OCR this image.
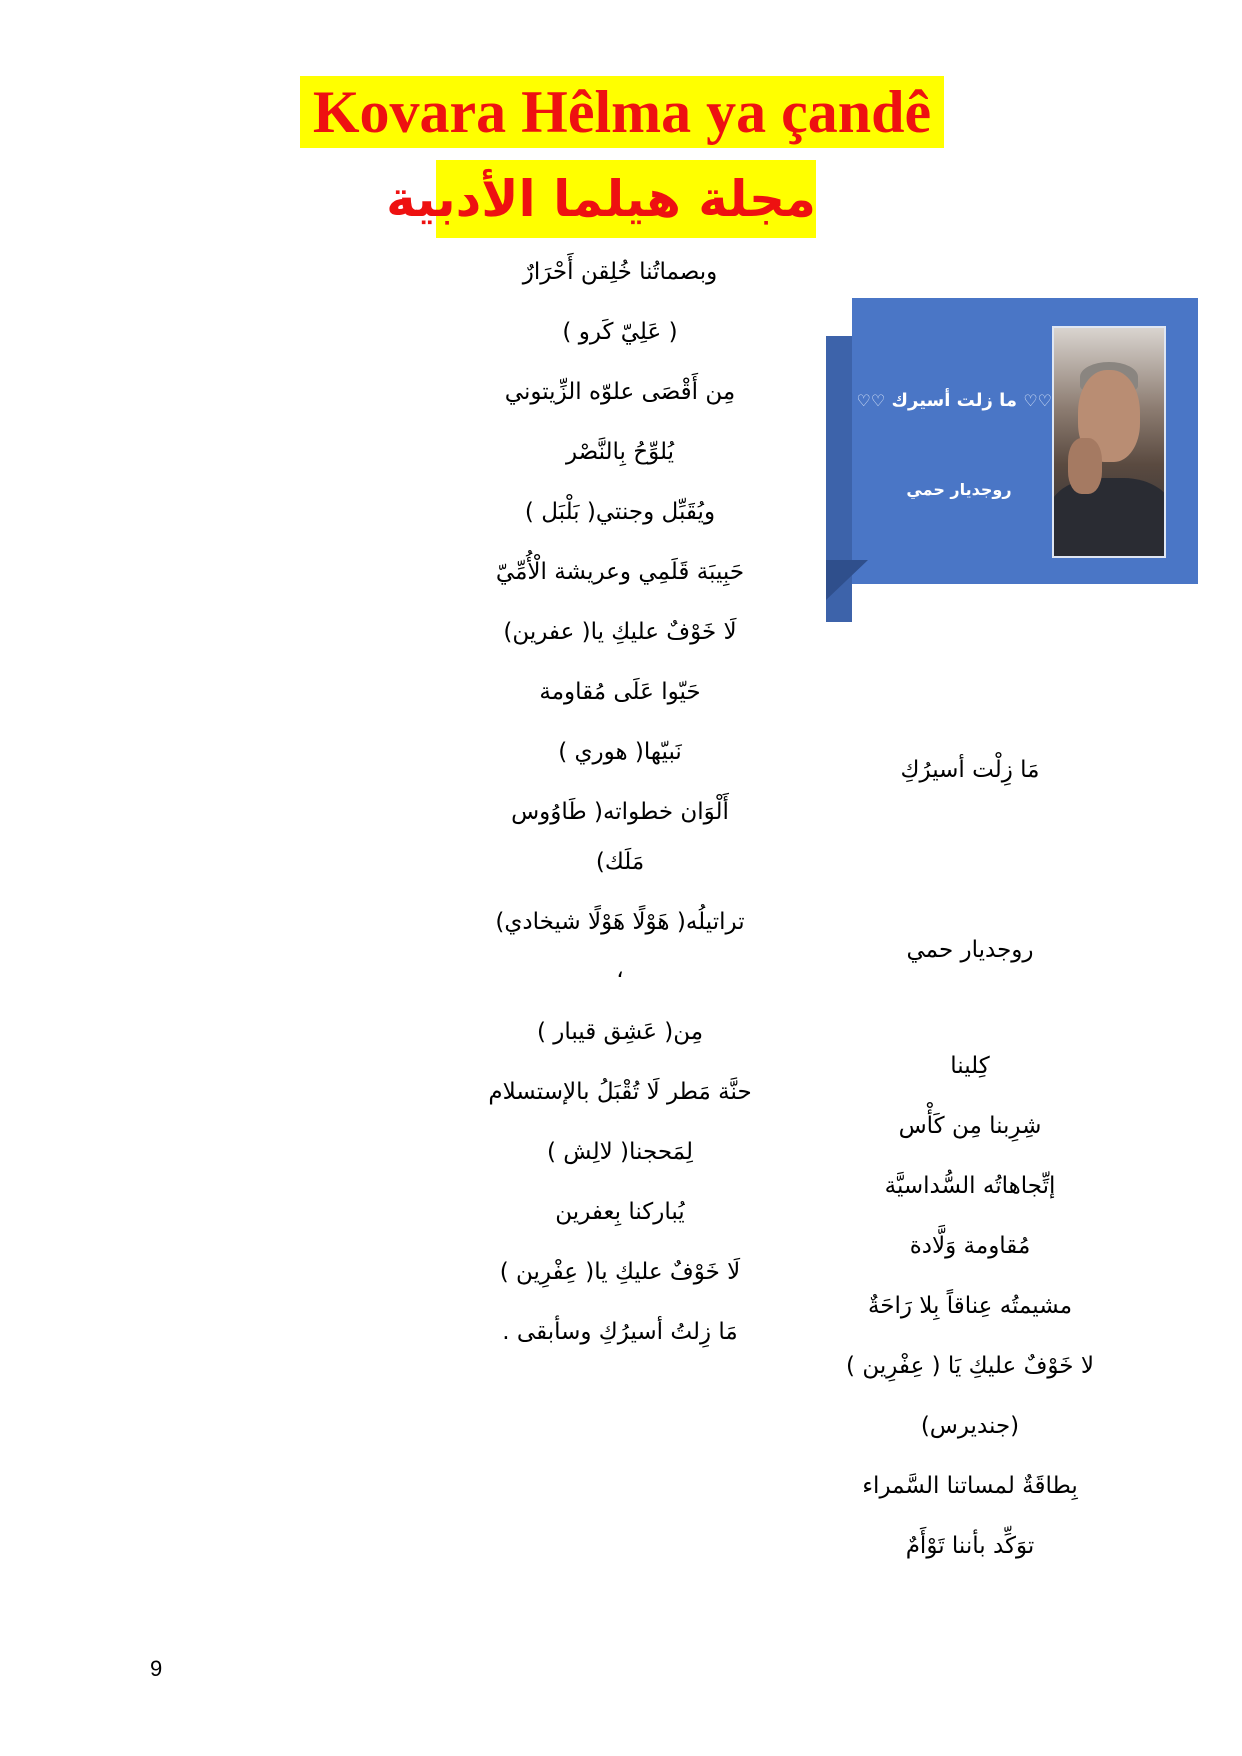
Kovara Hêlma ya çandê
مجلة هيلما الأدبية
♡♡ ما زلت أسيرك ♡♡
روجديار حمي
مَا زِلْت أسيرُكِ
روجديار حمي
كِلينا
شِرِبنا مِن كَأْس
إتِّجاهاتُه السُّداسيَّة
مُقاومة وَلَّادة
مشيمتُه عِناقاً بِلا رَاحَةٌ
لا خَوْفٌ عليكِ يَا ( عِفْرِين )
(جنديرس)
بِطاقَةٌ لمساتنا السَّمراء
توَكِّد بأننا تَوْأَمٌ
وبصماتُنا خُلِقن أَحْرَارٌ
( عَلِيّ كَرو )
مِن أَقْصَى علوّه الزِّيتوني
يُلوِّحُ بِالنَّصْر
ويُقَبِّل وجنتي( بَلْبَل )
حَبِيبَة قَلَمِي وعريشة الْأُمِّيّ
لَا خَوْفٌ عليكِ يا( عفرين)
حَيّوا عَلَى مُقاومة
نَبيّها( هوري )
أَلْوَان خطواته( طَاوُوس
مَلَك)
تراتيلُه( هَوْلًا هَوْلًا شيخادي)
،
مِن( عَشِق قيبار )
حنَّة مَطر لَا تُقْبَلُ بالإستسلام
لِمَحجنا( لالِش )
يُباركنا بِعفرين
لَا خَوْفٌ عليكِ يا( عِفْرِين )
مَا زِلتُ أسيرُكِ وسأبقى .
9
